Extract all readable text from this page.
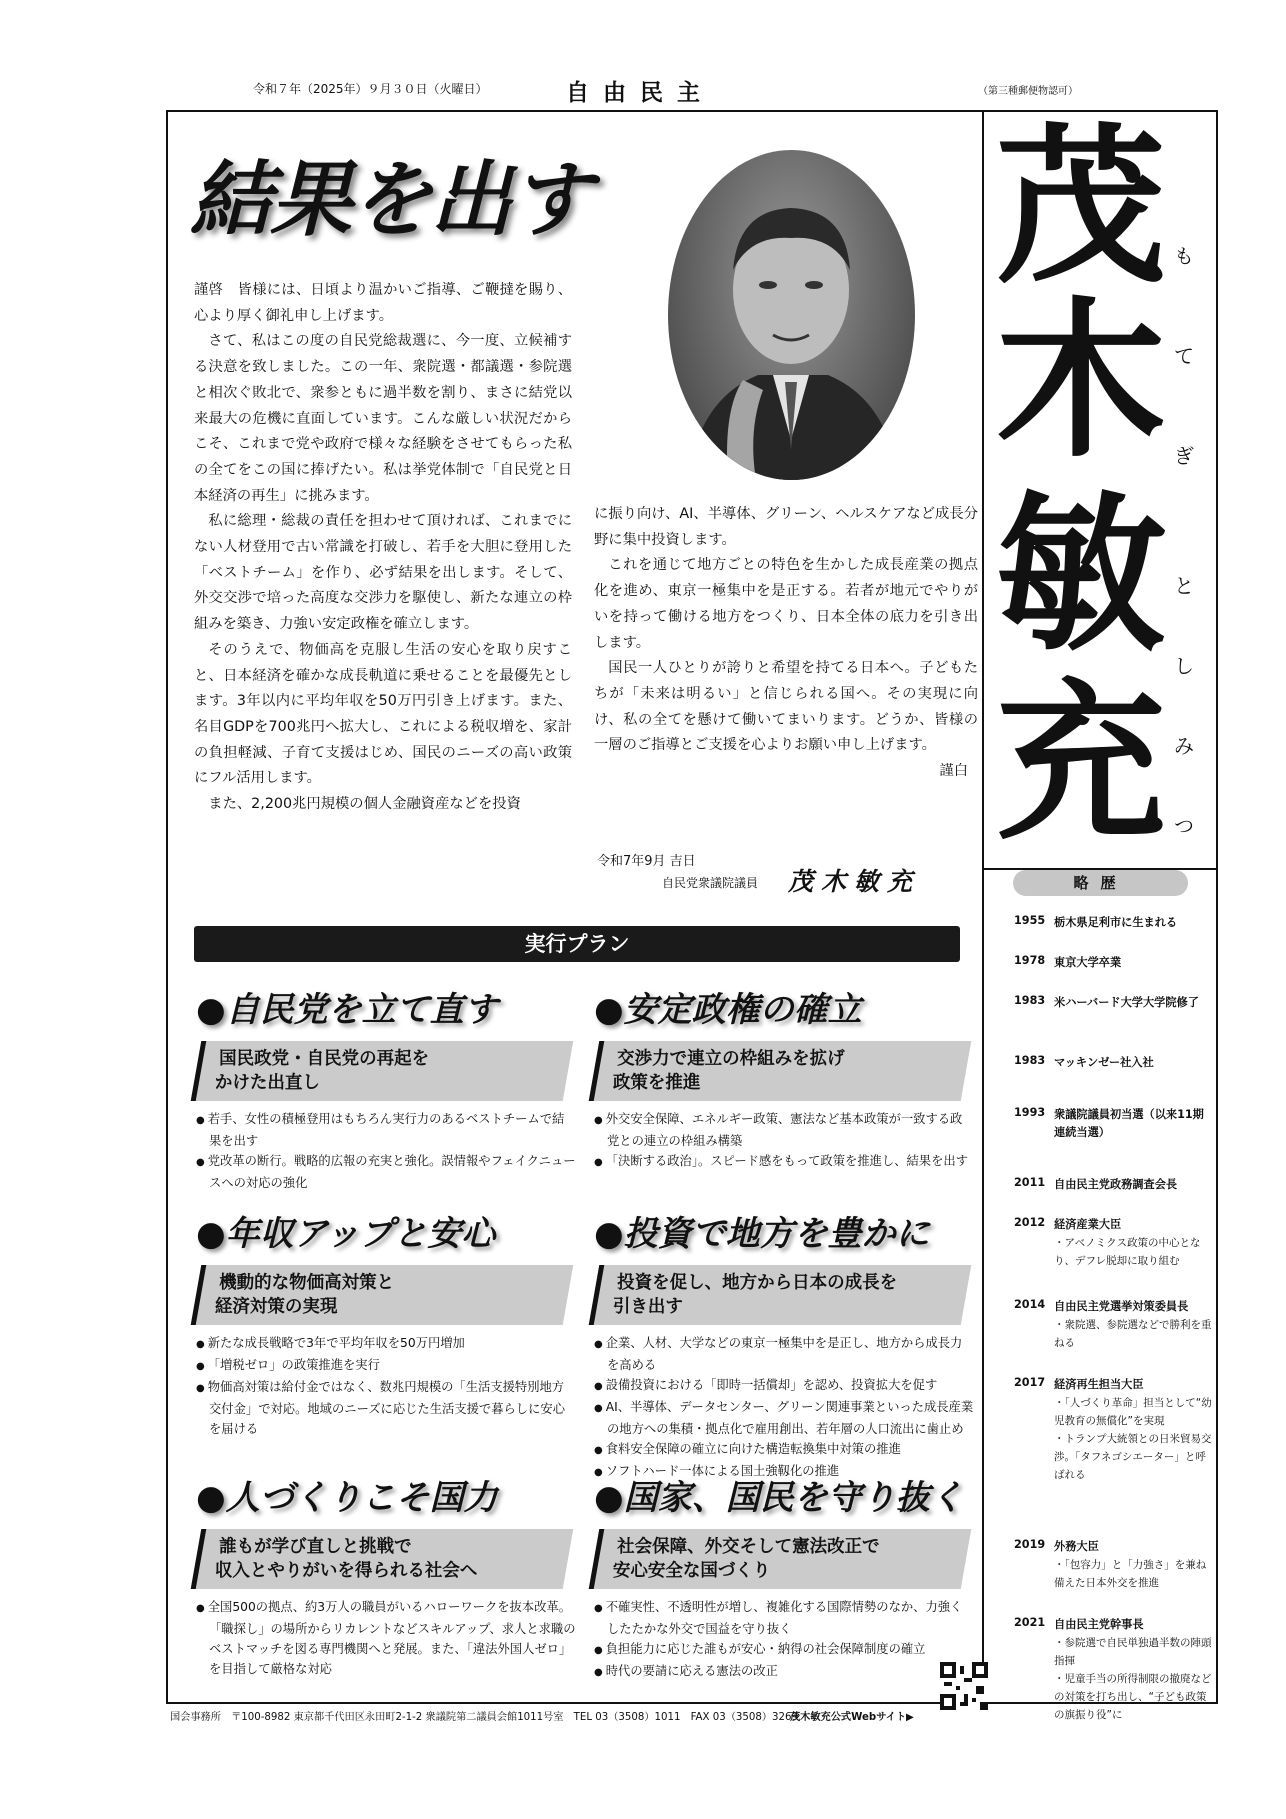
令和７年（2025年）９月３０日（火曜日）	自由民主	（第三種郵便物認可）
結果を出す

謹啓　皆様には、日頃より温かいご指導、ご鞭撻を賜り、心より厚く御礼申し上げます。

さて、私はこの度の自民党総裁選に、今一度、立候補する決意を致しました。この一年、衆院選・都議選・参院選と相次ぐ敗北で、衆参ともに過半数を割り、まさに結党以来最大の危機に直面しています。こんな厳しい状況だからこそ、これまで党や政府で様々な経験をさせてもらった私の全てをこの国に捧げたい。私は挙党体制で「自民党と日本経済の再生」に挑みます。

私に総理・総裁の責任を担わせて頂ければ、これまでにない人材登用で古い常識を打破し、若手を大胆に登用した「ベストチーム」を作り、必ず結果を出します。そして、外交交渉で培った高度な交渉力を駆使し、新たな連立の枠組みを築き、力強い安定政権を確立します。

そのうえで、物価高を克服し生活の安心を取り戻すこと、日本経済を確かな成長軌道に乗せることを最優先とします。3年以内に平均年収を50万円引き上げます。また、名目GDPを700兆円へ拡大し、これによる税収増を、家計の負担軽減、子育て支援はじめ、国民のニーズの高い政策にフル活用します。

また、2,200兆円規模の個人金融資産などを投資

に振り向け、AI、半導体、グリーン、ヘルスケアなど成長分野に集中投資します。

これを通じて地方ごとの特色を生かした成長産業の拠点化を進め、東京一極集中を是正する。若者が地元でやりがいを持って働ける地方をつくり、日本全体の底力を引き出します。

国民一人ひとりが誇りと希望を持てる日本へ。子どもたちが「未来は明るい」と信じられる国へ。その実現に向け、私の全てを懸けて働いてまいります。どうか、皆様の一層のご指導とご支援を心よりお願い申し上げます。

謹白
令和7年9月 吉日
自民党衆議院議員 茂木敏充
茂
木
敏
充
も
て
ぎ
と
し
み
つ
略歴
1955 栃木県足利市に生まれる
1978 東京大学卒業
1983 米ハーバード大学大学院修了
1983 マッキンゼー社入社
1993 衆議院議員初当選（以来11期連続当選）
2011 自由民主党政務調査会長
2012 経済産業大臣
・アベノミクス政策の中心となり、デフレ脱却に取り組む
2014 自由民主党選挙対策委員長
・衆院選、参院選などで勝利を重ねる
2017 経済再生担当大臣
・「人づくり革命」担当として“幼児教育の無償化”を実現
・トランプ大統領との日米貿易交渉。「タフネゴシエーター」と呼ばれる
2019 外務大臣
・「包容力」と「力強さ」を兼ね備えた日本外交を推進
2021 自由民主党幹事長
・参院選で自民単独過半数の陣頭指揮
・児童手当の所得制限の撤廃などの対策を打ち出し、“子ども政策の旗振り役”に
実行プラン
●自民党を立て直す
国民政党・自民党の再起を
かけた出直し
● 若手、女性の積極登用はもちろん実行力のあるベストチームで結果を出す
● 党改革の断行。戦略的広報の充実と強化。誤情報やフェイクニュースへの対応の強化
●安定政権の確立
交渉力で連立の枠組みを拡げ
政策を推進
● 外交安全保障、エネルギー政策、憲法など基本政策が一致する政党との連立の枠組み構築
● 「決断する政治」。スピード感をもって政策を推進し、結果を出す
●年収アップと安心
機動的な物価高対策と
経済対策の実現
● 新たな成長戦略で3年で平均年収を50万円増加
● 「増税ゼロ」の政策推進を実行
● 物価高対策は給付金ではなく、数兆円規模の「生活支援特別地方交付金」で対応。地域のニーズに応じた生活支援で暮らしに安心を届ける
●投資で地方を豊かに
投資を促し、地方から日本の成長を
引き出す
● 企業、人材、大学などの東京一極集中を是正し、地方から成長力を高める
● 設備投資における「即時一括償却」を認め、投資拡大を促す
● AI、半導体、データセンター、グリーン関連事業といった成長産業の地方への集積・拠点化で雇用創出、若年層の人口流出に歯止め
● 食料安全保障の確立に向けた構造転換集中対策の推進
● ソフトハード一体による国土強靱化の推進
●人づくりこそ国力
誰もが学び直しと挑戦で
収入とやりがいを得られる社会へ
● 全国500の拠点、約3万人の職員がいるハローワークを抜本改革。「職探し」の場所からリカレントなどスキルアップ、求人と求職のベストマッチを図る専門機関へと発展。また、「違法外国人ゼロ」を目指して厳格な対応
●国家、国民を守り抜く
社会保障、外交そして憲法改正で
安心安全な国づくり
● 不確実性、不透明性が増し、複雑化する国際情勢のなか、力強くしたたかな外交で国益を守り抜く
● 負担能力に応じた誰もが安心・納得の社会保障制度の確立
● 時代の要請に応える憲法の改正
国会事務所　〒100-8982 東京都千代田区永田町2-1-2 衆議院第二議員会館1011号室　TEL 03（3508）1011　FAX 03（3508）3269
茂木敏充公式Webサイト▶
